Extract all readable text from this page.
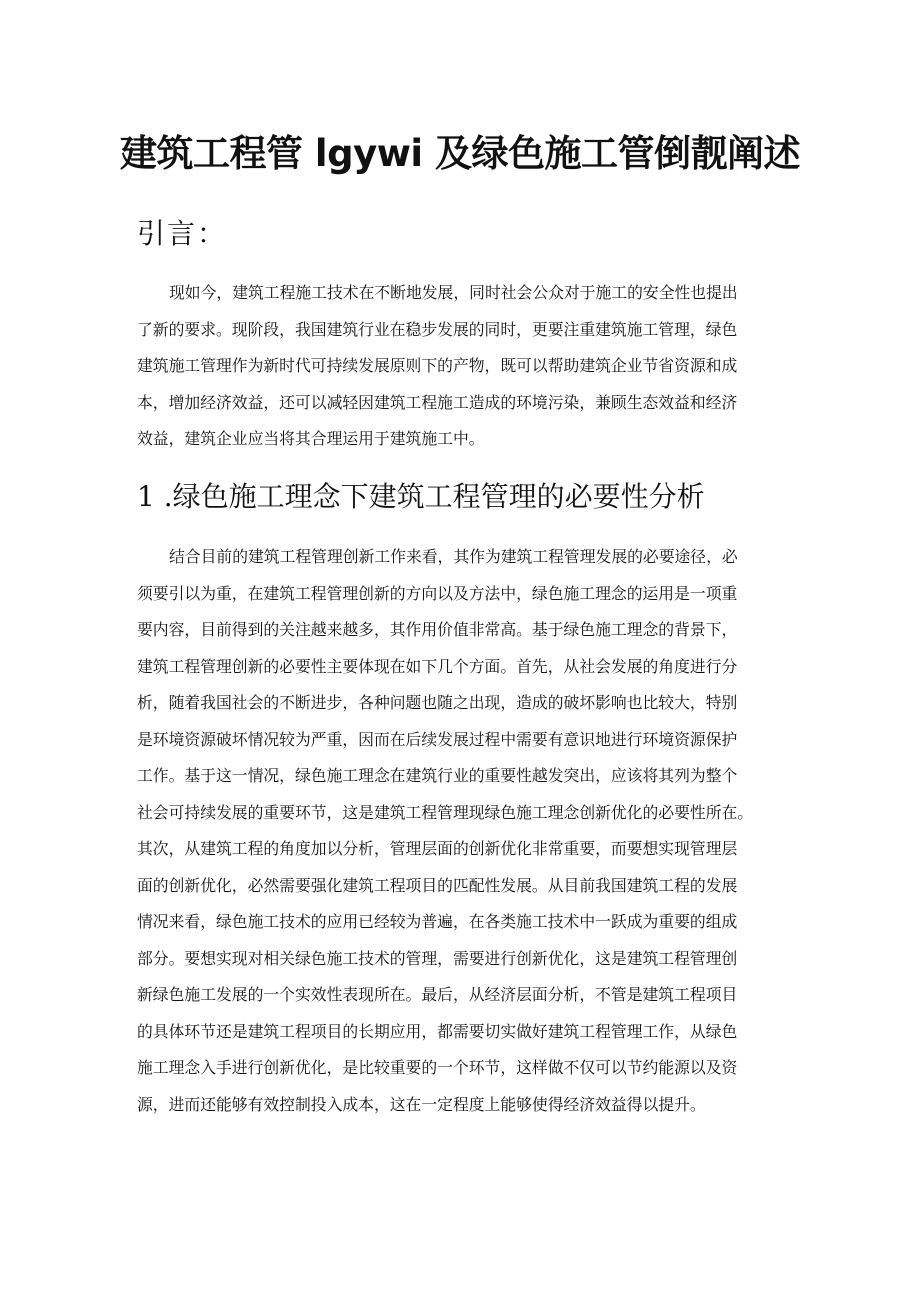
建筑工程管 lgywi 及绿色施工管倒靓阐述
引言：
现如今，建筑工程施工技术在不断地发展，同时社会公众对于施工的安全性也提出
了新的要求。现阶段，我国建筑行业在稳步发展的同时，更要注重建筑施工管理，绿色
建筑施工管理作为新时代可持续发展原则下的产物，既可以帮助建筑企业节省资源和成
本，增加经济效益，还可以减轻因建筑工程施工造成的环境污染，兼顾生态效益和经济
效益，建筑企业应当将其合理运用于建筑施工中。
1 .绿色施工理念下建筑工程管理的必要性分析
结合目前的建筑工程管理创新工作来看，其作为建筑工程管理发展的必要途径，必
须要引以为重，在建筑工程管理创新的方向以及方法中，绿色施工理念的运用是一项重
要内容，目前得到的关注越来越多，其作用价值非常高。基于绿色施工理念的背景下，
建筑工程管理创新的必要性主要体现在如下几个方面。首先，从社会发展的角度进行分
析，随着我国社会的不断进步，各种问题也随之出现，造成的破坏影响也比较大，特别
是环境资源破坏情况较为严重，因而在后续发展过程中需要有意识地进行环境资源保护
工作。基于这一情况，绿色施工理念在建筑行业的重要性越发突出，应该将其列为整个
社会可持续发展的重要环节，这是建筑工程管理现绿色施工理念创新优化的必要性所在。
其次，从建筑工程的角度加以分析，管理层面的创新优化非常重要，而要想实现管理层
面的创新优化，必然需要强化建筑工程项目的匹配性发展。从目前我国建筑工程的发展
情况来看，绿色施工技术的应用已经较为普遍，在各类施工技术中一跃成为重要的组成
部分。要想实现对相关绿色施工技术的管理，需要进行创新优化，这是建筑工程管理创
新绿色施工发展的一个实效性表现所在。最后，从经济层面分析，不管是建筑工程项目
的具体环节还是建筑工程项目的长期应用，都需要切实做好建筑工程管理工作，从绿色
施工理念入手进行创新优化，是比较重要的一个环节，这样做不仅可以节约能源以及资
源，进而还能够有效控制投入成本，这在一定程度上能够使得经济效益得以提升。
